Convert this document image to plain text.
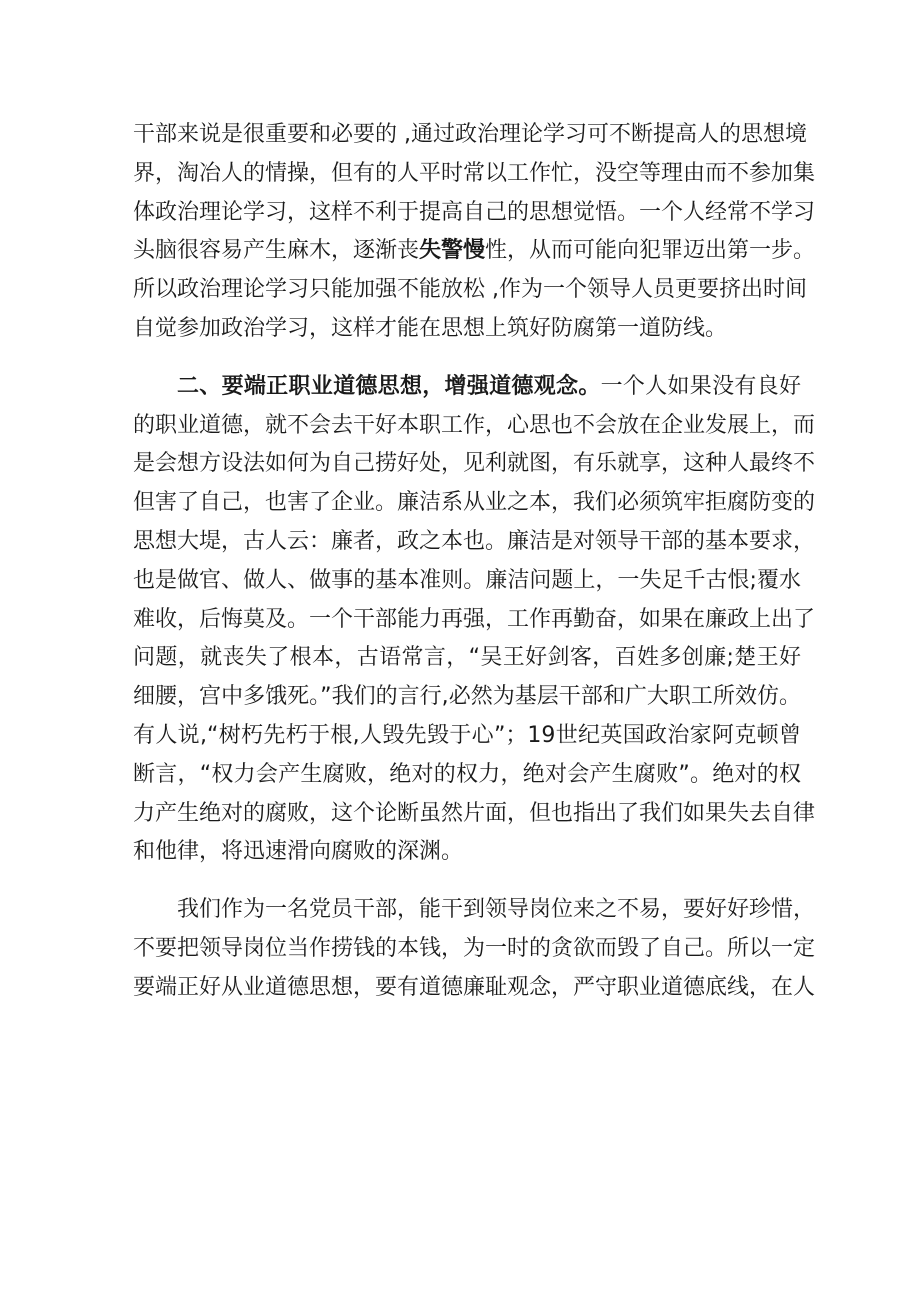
干部来说是很重要和必要的 ,通过政治理论学习可不断提高人的思想境
界，淘冶人的情操，但有的人平时常以工作忙，没空等理由而不参加集
体政治理论学习，这样不利于提高自己的思想觉悟。一个人经常不学习
头脑很容易产生麻木，逐渐丧失警慢性，从而可能向犯罪迈出第一步。
所以政治理论学习只能加强不能放松 ,作为一个领导人员更要挤出时间
自觉参加政治学习，这样才能在思想上筑好防腐第一道防线。
二、要端正职业道德思想，增强道德观念。一个人如果没有良好
的职业道德，就不会去干好本职工作，心思也不会放在企业发展上，而
是会想方设法如何为自己捞好处，见利就图，有乐就享，这种人最终不
但害了自己，也害了企业。廉洁系从业之本，我们必须筑牢拒腐防变的
思想大堤，古人云：廉者，政之本也。廉洁是对领导干部的基本要求，
也是做官、做人、做事的基本准则。廉洁问题上，一失足千古恨;覆水
难收，后悔莫及。一个干部能力再强，工作再勤奋，如果在廉政上出了
问题，就丧失了根本，古语常言，“吴王好剑客，百姓多创廉;楚王好
细腰，宫中多饿死。”我们的言行,必然为基层干部和广大职工所效仿。
有人说,“树朽先朽于根,人毁先毁于心”；19世纪英国政治家阿克顿曾
断言，“权力会产生腐败，绝对的权力，绝对会产生腐败”。绝对的权
力产生绝对的腐败，这个论断虽然片面，但也指出了我们如果失去自律
和他律，将迅速滑向腐败的深渊。
我们作为一名党员干部，能干到领导岗位来之不易，要好好珍惜，
不要把领导岗位当作捞钱的本钱，为一时的贪欲而毁了自己。所以一定
要端正好从业道德思想，要有道德廉耻观念，严守职业道德底线，在人
